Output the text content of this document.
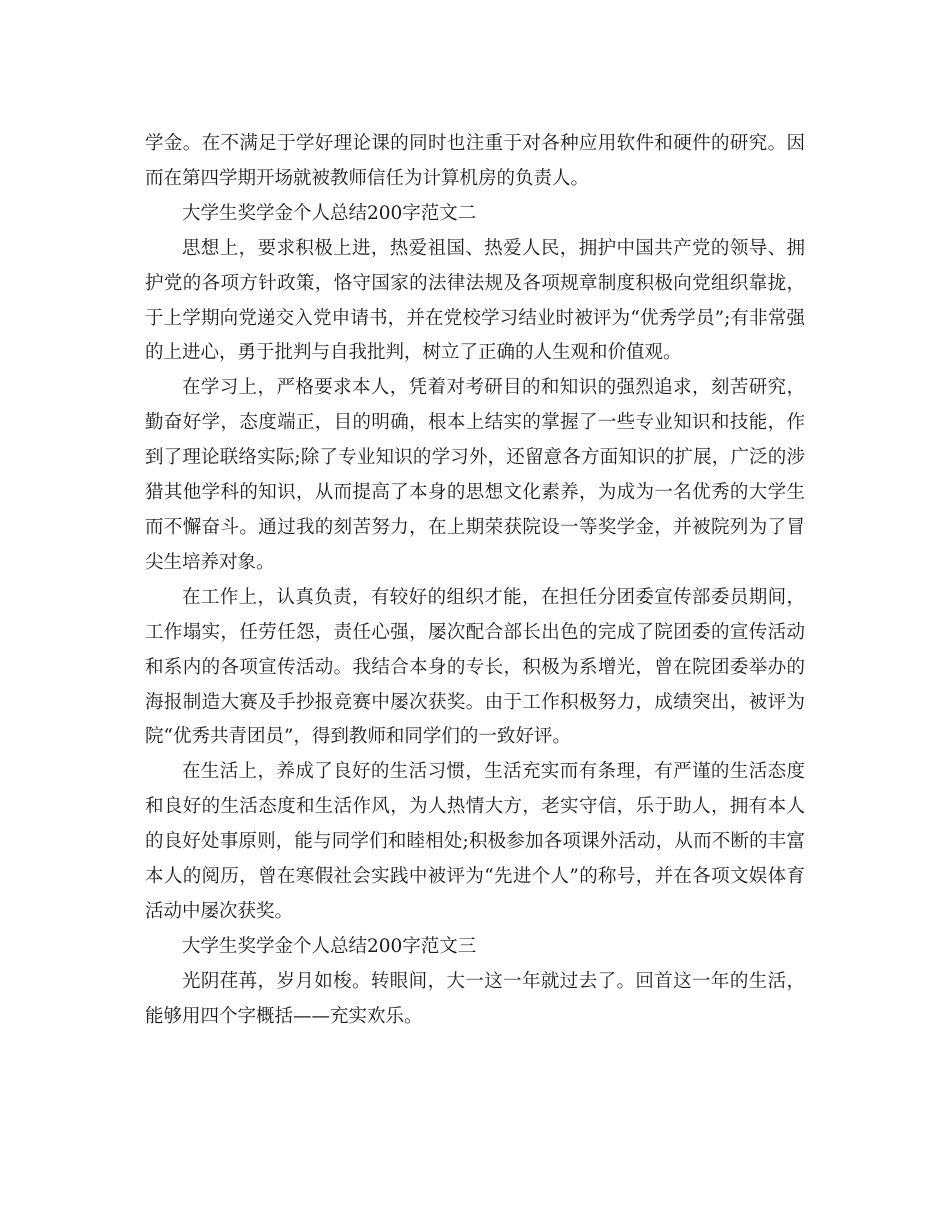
学金。在不满足于学好理论课的同时也注重于对各种应用软件和硬件的研究。因而在第四学期开场就被教师信任为计算机房的负责人。

大学生奖学金个人总结200字范文二

思想上，要求积极上进，热爱祖国、热爱人民，拥护中国共产党的领导、拥护党的各项方针政策，恪守国家的法律法规及各项规章制度积极向党组织靠拢，于上学期向党递交入党申请书，并在党校学习结业时被评为“优秀学员”;有非常强的上进心，勇于批判与自我批判，树立了正确的人生观和价值观。

在学习上，严格要求本人，凭着对考研目的和知识的强烈追求，刻苦研究，勤奋好学，态度端正，目的明确，根本上结实的掌握了一些专业知识和技能，作到了理论联络实际;除了专业知识的学习外，还留意各方面知识的扩展，广泛的涉猎其他学科的知识，从而提高了本身的思想文化素养，为成为一名优秀的大学生而不懈奋斗。通过我的刻苦努力，在上期荣获院设一等奖学金，并被院列为了冒尖生培养对象。

在工作上，认真负责，有较好的组织才能，在担任分团委宣传部委员期间，工作塌实，任劳任怨，责任心强，屡次配合部长出色的完成了院团委的宣传活动和系内的各项宣传活动。我结合本身的专长，积极为系增光，曾在院团委举办的海报制造大赛及手抄报竞赛中屡次获奖。由于工作积极努力，成绩突出，被评为院“优秀共青团员”，得到教师和同学们的一致好评。

在生活上，养成了良好的生活习惯，生活充实而有条理，有严谨的生活态度和良好的生活态度和生活作风，为人热情大方，老实守信，乐于助人，拥有本人的良好处事原则，能与同学们和睦相处;积极参加各项课外活动，从而不断的丰富本人的阅历，曾在寒假社会实践中被评为“先进个人”的称号，并在各项文娱体育活动中屡次获奖。

大学生奖学金个人总结200字范文三

光阴荏苒，岁月如梭。转眼间，大一这一年就过去了。回首这一年的生活，能够用四个字概括——充实欢乐。
